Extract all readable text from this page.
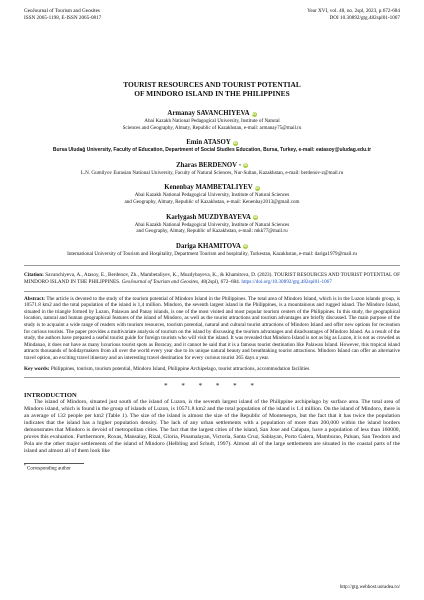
GeoJournal of Tourism and Geosites
ISSN 2065-1198, E-ISSN 2065-0817
Year XVI, vol. 48, no. 2spl, 2023, p.672-684
DOI 10.30892/gtg.482spl01-1067
TOURIST RESOURCES AND TOURIST POTENTIAL
OF MINDORO ISLAND IN THE PHILIPPINES
Armanay SAVANCHIYEVA iD
Abai Kazakh National Pedagogical University, Institute of Natural
Sciences and Geography, Almaty, Republic of Kazakhstan, e-mail: armanay75@mail.ru
Emin ATASOY iD
Bursa Uludağ University, Faculty of Education, Department of Social Studies Education, Bursa, Turkey, e-mail: eatasoy@uludag.edu.tr
Zharas BERDENOV * iD
L.N. Gumilyov Eurasian National University, Faculty of Natural Sciences, Nur-Sultan, Kazakhstan, e-mail: berdenov-z@mail.ru
Kenenbay MAMBETALIYEV iD
Abai Kazakh National Pedagogical University, Institute of Natural Sciences
and Geography, Almaty, Republic of Kazakhstan, e-mail: Kenenbay2013@gmail.com
Karlygash MUZDYBAYEVA iD
Abai Kazakh National Pedagogical University, Institute of Natural Sciences
and Geography, Almaty, Republic of Kazakhstan, e-mail: mkk77@mail.ru
Dariga KHAMITOVA iD
International University of Tourism and Hospitality, Department Tourism and hospitality, Turkestan, Kazakhstan, e-mail: dariga1979@mail.ru
Citation: Savanchiyeva, A., Atasoy, E., Berdenov, Zh., Mambetaliyev, K., Muzdybayeva, K., & Khamitova, D. (2023). TOURIST RESOURCES AND TOURIST POTENTIAL OF MINDORO ISLAND IN THE PHILIPPINES. GeoJournal of Tourism and Geosites, 48(2spl), 672–684. https://doi.org/10.30892/gtg.482spl01-1067
Abstract: The article is devoted to the study of the tourism potential of Mindoro Island in the Philippines. The total area of Mindoro Island, which is in the Luzon islands group, is 10571.8 km2 and the total population of the island is 1,4 million. Mindoro, the seventh largest island in the Philippines, is a mountainous and rugged island. The Mindoro Island, situated in the triangle formed by Luzon, Palawan and Panay islands, is one of the most visited and most popular tourism centers of the Philippines. In this study, the geographical location, natural and human geographical features of the island of Mindoro, as well as the tourist attractions and tourism advantages are briefly discussed. The main purpose of the study is to acquaint a wide range of readers with tourism resources, tourism potential, natural and cultural tourist attractions of Mindoro Island and offer new options for recreation for curious tourists. The paper provides a multivariate analysis of tourism on the island by discussing the tourism advantages and disadvantages of Mindoro Island. As a result of the study, the authors have prepared a useful tourist guide for foreign tourists who will visit the island. It was revealed that Mindoro Island is not as big as Luzon, it is not as crowded as Mindanao, it does not have as many luxurious tourist spots as Boracay, and it cannot be said that it is a famous tourist destination like Palawan Island. However, this tropical island attracts thousands of holidaymakers from all over the world every year due to its unique natural beauty and breathtaking tourist attractions. Mindoro Island can offer an alternative travel option, an exciting travel itinerary and an interesting travel destination for every curious tourist 365 days a year.
Key words: Philippines, tourism, tourism potential, Mindoro Island, Philippine Archipelago, tourist attractions, accommodation facilities
* * * * * *
INTRODUCTION
The island of Mindoro, situated just south of the island of Luzon, is the seventh largest island of the Philippine archipelago by surface area. The total area of Mindoro island, which is found in the group of islands of Luzon, is 10571.8 km2 and the total population of the island is 1.4 million. On the island of Mindoro, there is an average of 132 people per km2 (Table 1). The size of the island is almost the size of the Republic of Montenegro, but the fact that it has twice the population indicates that the island has a higher population density. The lack of any urban settlements with a population of more than 200,000 within the island borders demonstrates that Mindoro is devoid of metropolitan cities. The fact that the largest cities of the island, San Jose and Calapan, have a population of less than 160000, proves this evaluation. Furthermore, Roxas, Mansalay, Rizal, Gloria, Pinamalayan, Victoria, Santa Cruz, Sablayan, Porto Galera, Mamburao, Paluan, San Teodoro and Pola are the other major settlements of the island of Mindoro (Helbling and Schult, 1997). Almost all of the large settlements are situated in the coastal parts of the island and almost all of them look like
* Corresponding author
http://gtg.webhost.uoradea.ro/
